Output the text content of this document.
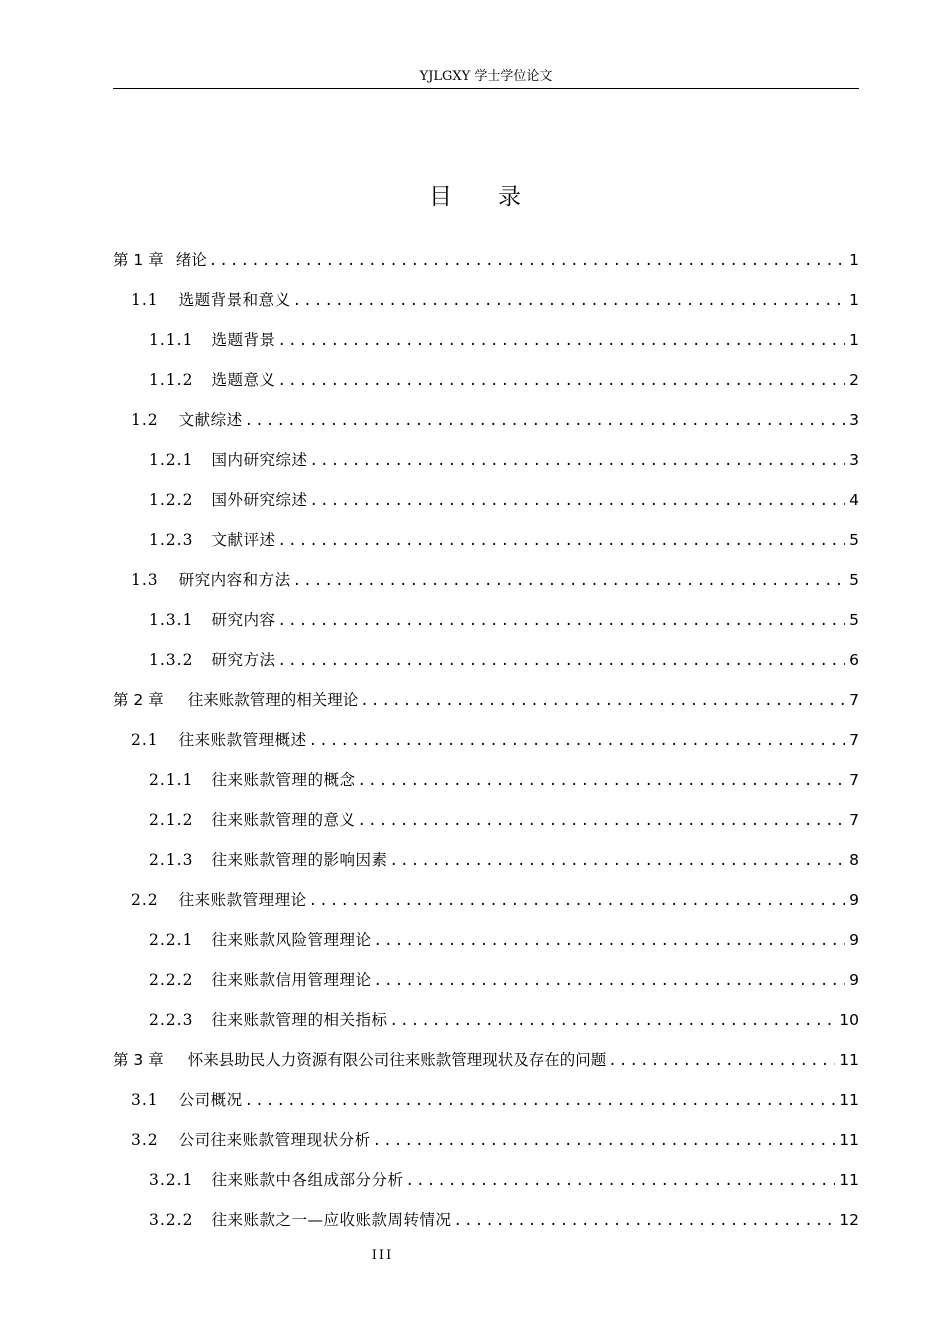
YJLGXY 学士学位论文
目录
第 1 章 绪论 .....	1
1.1 选题背景和意义 .....	1
1.1.1 选题背景 .....	1
1.1.2 选题意义 .....	2
1.2 文献综述 .....	3
1.2.1 国内研究综述 .....	3
1.2.2 国外研究综述 .....	4
1.2.3 文献评述 .....	5
1.3 研究内容和方法 .....	5
1.3.1 研究内容 .....	5
1.3.2 研究方法 .....	6
第 2 章 往来账款管理的相关理论 .....	7
2.1 往来账款管理概述 .....	7
2.1.1 往来账款管理的概念 .....	7
2.1.2 往来账款管理的意义 .....	7
2.1.3 往来账款管理的影响因素 .....	8
2.2 往来账款管理理论 .....	9
2.2.1 往来账款风险管理理论 .....	9
2.2.2 往来账款信用管理理论 .....	9
2.2.3 往来账款管理的相关指标 .....	10
第 3 章 怀来县助民人力资源有限公司往来账款管理现状及存在的问题 .....	11
3.1 公司概况 .....	11
3.2 公司往来账款管理现状分析 .....	11
3.2.1 往来账款中各组成部分分析 .....	11
3.2.2 往来账款之一—应收账款周转情况 .....	12
III
